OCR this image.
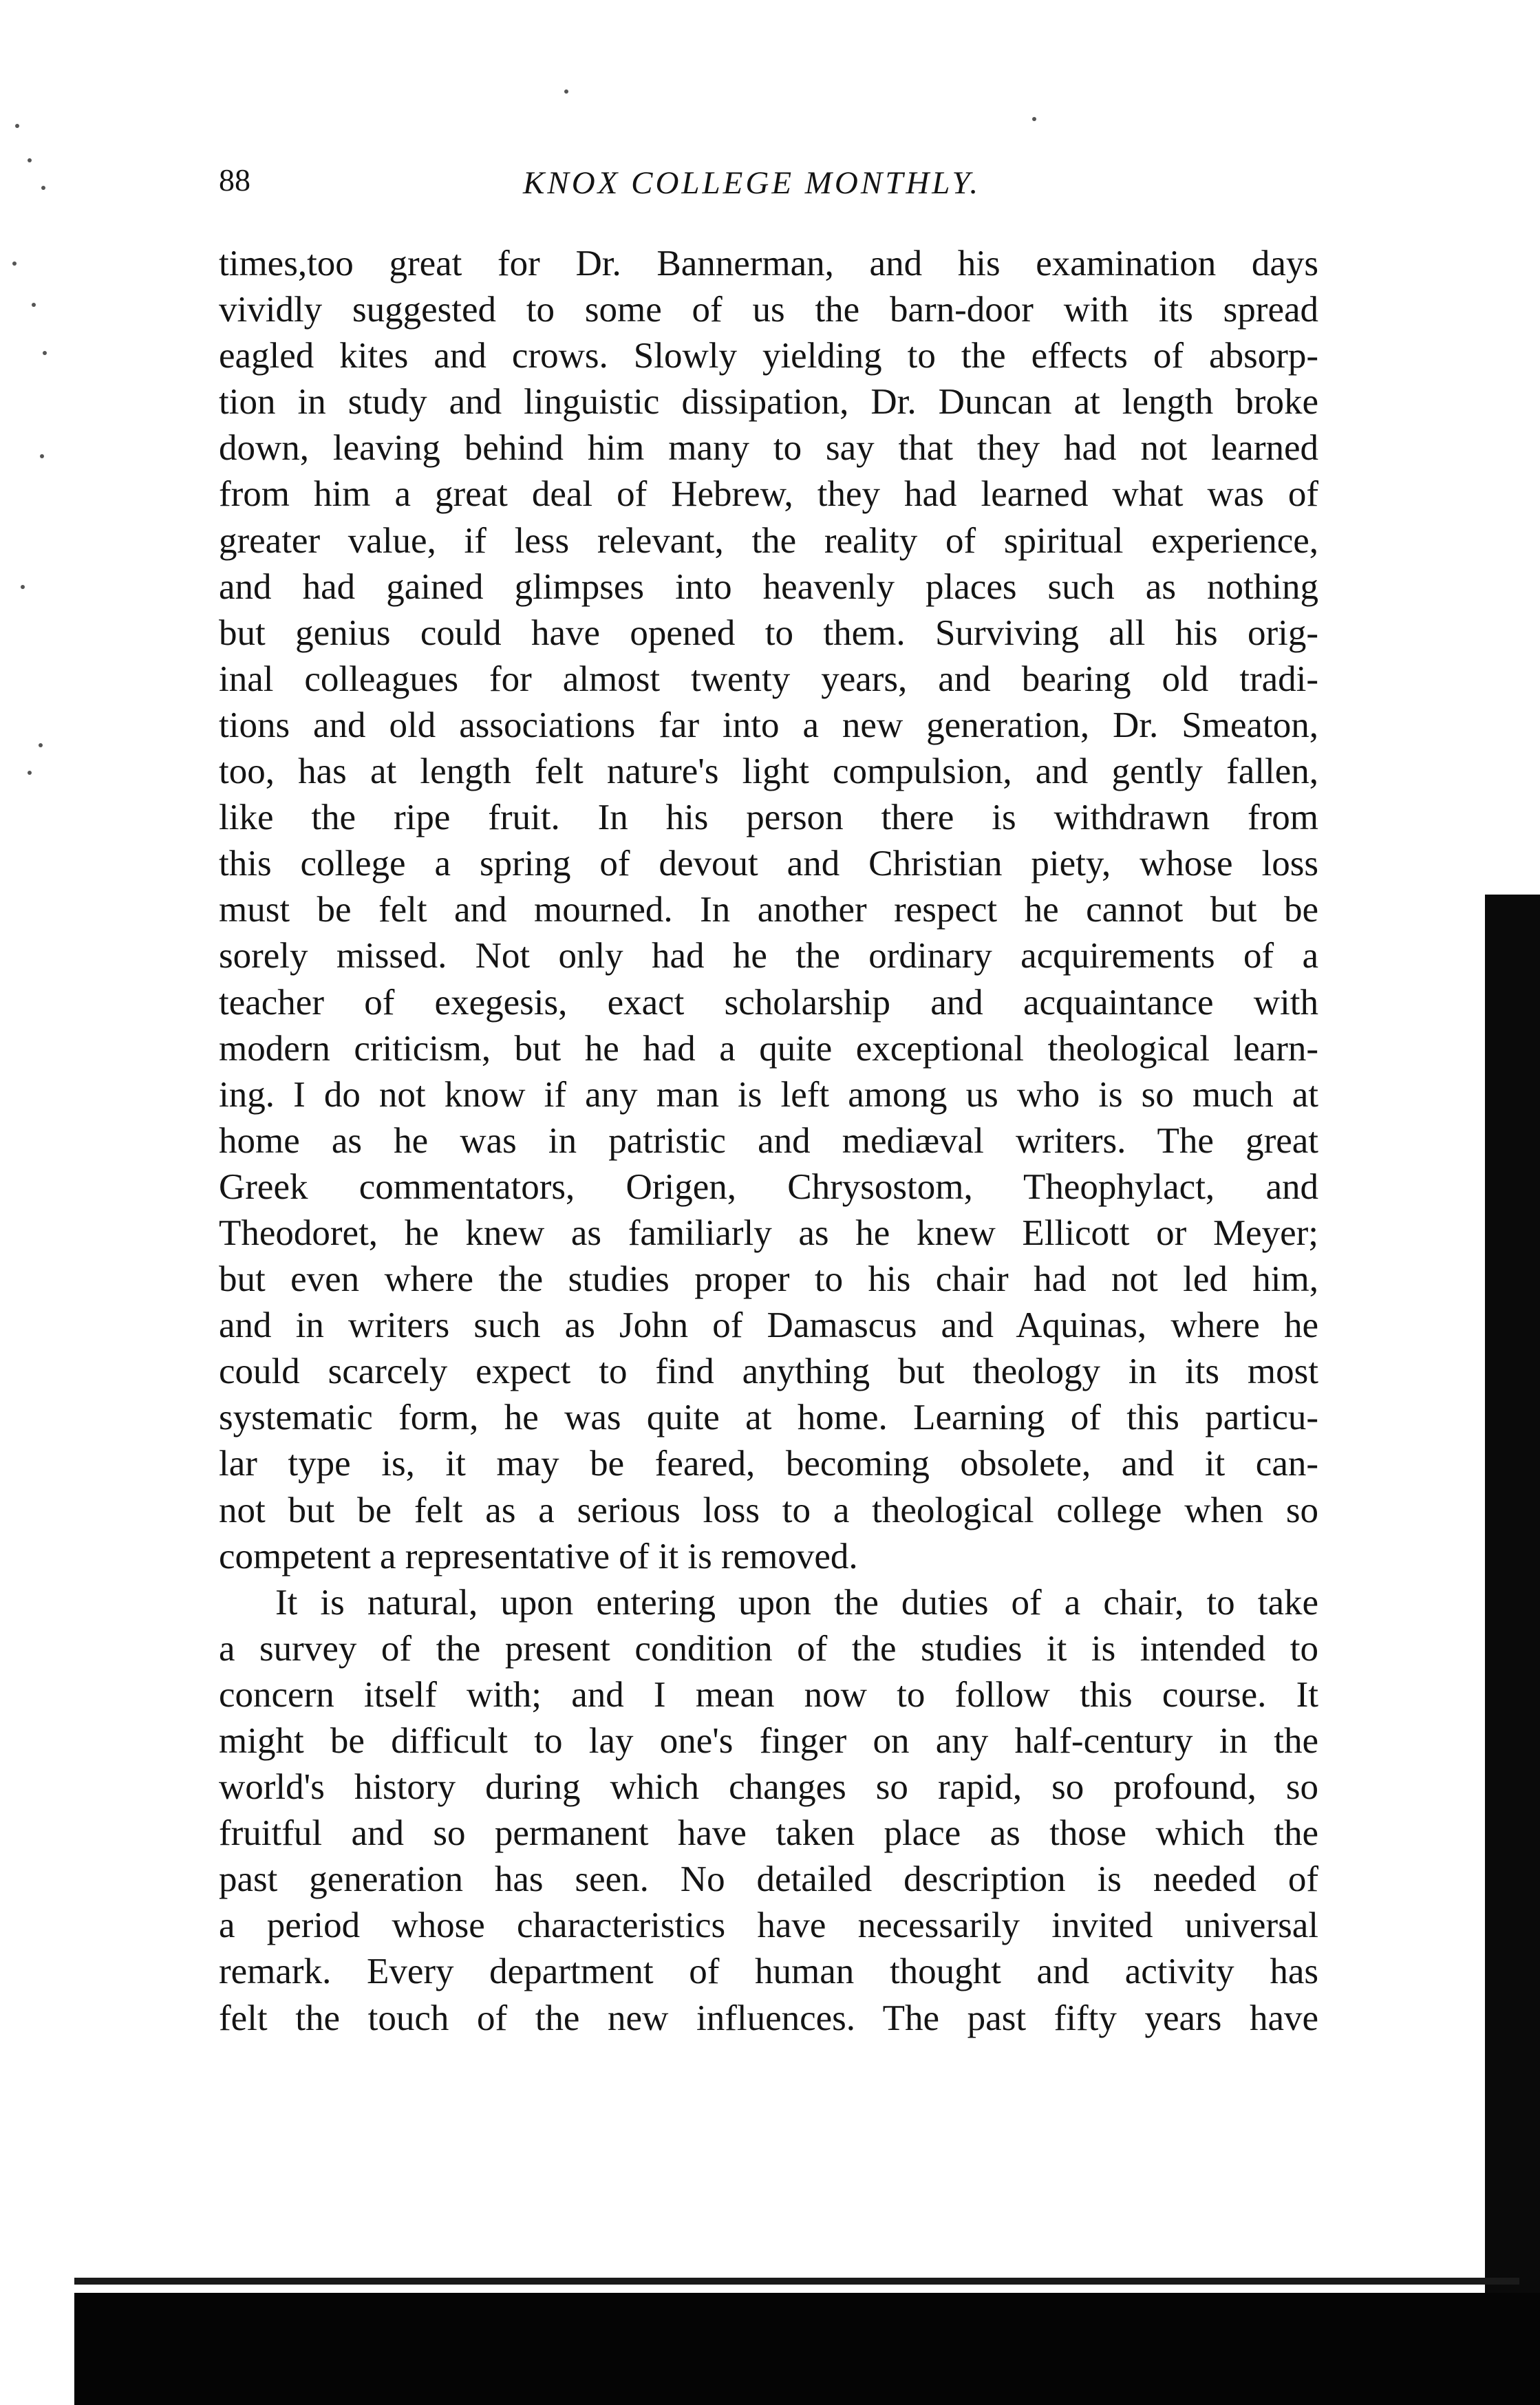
88	KNOX COLLEGE MONTHLY.
times,too great for Dr. Bannerman, and his examination days
vividly suggested to some of us the barn-door with its spread
eagled kites and crows. Slowly yielding to the effects of absorp-
tion in study and linguistic dissipation, Dr. Duncan at length broke
down, leaving behind him many to say that they had not learned
from him a great deal of Hebrew, they had learned what was of
greater value, if less relevant, the reality of spiritual experience,
and had gained glimpses into heavenly places such as nothing
but genius could have opened to them. Surviving all his orig-
inal colleagues for almost twenty years, and bearing old tradi-
tions and old associations far into a new generation, Dr. Smeaton,
too, has at length felt nature's light compulsion, and gently fallen,
like the ripe fruit. In his person there is withdrawn from
this college a spring of devout and Christian piety, whose loss
must be felt and mourned. In another respect he cannot but be
sorely missed. Not only had he the ordinary acquirements of a
teacher of exegesis, exact scholarship and acquaintance with
modern criticism, but he had a quite exceptional theological learn-
ing. I do not know if any man is left among us who is so much at
home as he was in patristic and mediæval writers. The great
Greek commentators, Origen, Chrysostom, Theophylact, and
Theodoret, he knew as familiarly as he knew Ellicott or Meyer;
but even where the studies proper to his chair had not led him,
and in writers such as John of Damascus and Aquinas, where he
could scarcely expect to find anything but theology in its most
systematic form, he was quite at home. Learning of this particu-
lar type is, it may be feared, becoming obsolete, and it can-
not but be felt as a serious loss to a theological college when so
competent a representative of it is removed.
It is natural, upon entering upon the duties of a chair, to take
a survey of the present condition of the studies it is intended to
concern itself with; and I mean now to follow this course. It
might be difficult to lay one's finger on any half-century in the
world's history during which changes so rapid, so profound, so
fruitful and so permanent have taken place as those which the
past generation has seen. No detailed description is needed of
a period whose characteristics have necessarily invited universal
remark. Every department of human thought and activity has
felt the touch of the new influences. The past fifty years have
